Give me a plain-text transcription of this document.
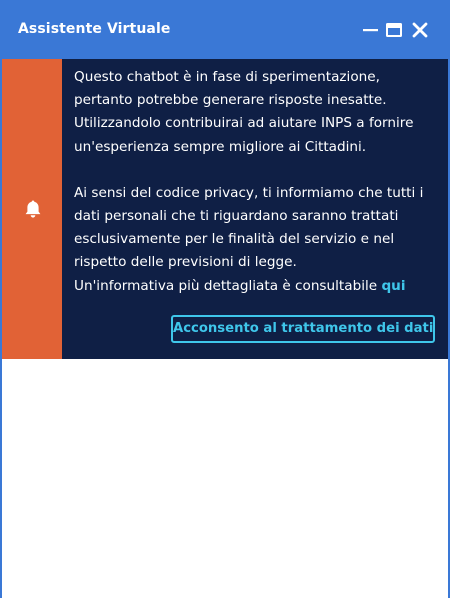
Assistente Virtuale

Questo chatbot è in fase di sperimentazione, pertanto potrebbe generare risposte inesatte.

Utilizzandolo contribuirai ad aiutare INPS a fornire un'esperienza sempre migliore ai Cittadini.

Ai sensi del codice privacy, ti informiamo che tutti i dati personali che ti riguardano saranno trattati esclusivamente per le finalità del servizio e nel rispetto delle previsioni di legge.

Un'informativa più dettagliata è consultabile qui

Acconsento al trattamento dei dati
